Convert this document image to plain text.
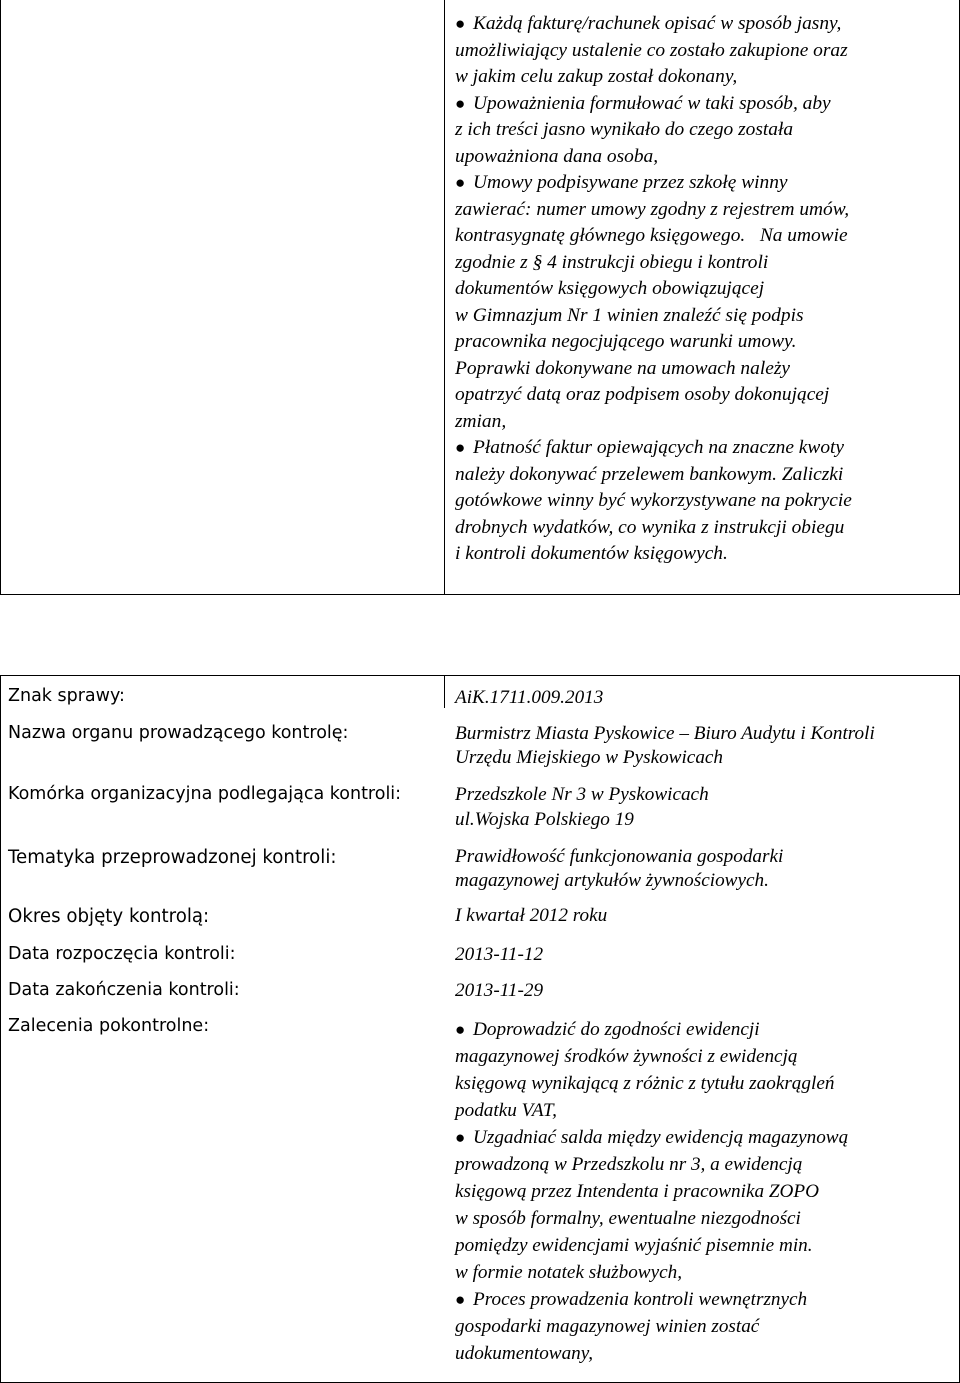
● Każdą fakturę/rachunek opisać w sposób jasny,
umożliwiający ustalenie co zostało zakupione oraz
w jakim celu zakup został dokonany,
● Upoważnienia formułować w taki sposób, aby
z ich treści jasno wynikało do czego została
upoważniona dana osoba,
● Umowy podpisywane przez szkołę winny
zawierać: numer umowy zgodny z rejestrem umów,
kontrasygnatę głównego księgowego.   Na umowie
zgodnie z § 4 instrukcji obiegu i kontroli
dokumentów księgowych obowiązującej
w Gimnazjum Nr 1 winien znaleźć się podpis
pracownika negocjującego warunki umowy.
Poprawki dokonywane na umowach należy
opatrzyć datą oraz podpisem osoby dokonującej
zmian,
● Płatność faktur opiewających na znaczne kwoty
należy dokonywać przelewem bankowym. Zaliczki
gotówkowe winny być wykorzystywane na pokrycie
drobnych wydatków, co wynika z instrukcji obiegu
i kontroli dokumentów księgowych.
Znak sprawy:	AiK.1711.009.2013
Nazwa organu prowadzącego kontrolę:	Burmistrz Miasta Pyskowice – Biuro Audytu i Kontroli
Urzędu Miejskiego w Pyskowicach
Komórka organizacyjna podlegająca kontroli:	Przedszkole Nr 3 w Pyskowicach
ul.Wojska Polskiego 19
Tematyka przeprowadzonej kontroli:	Prawidłowość funkcjonowania gospodarki
magazynowej artykułów żywnościowych.
Okres objęty kontrolą:	I kwartał 2012 roku
Data rozpoczęcia kontroli:	2013-11-12
Data zakończenia kontroli:	2013-11-29
Zalecenia pokontrolne:	● Doprowadzić do zgodności ewidencji
magazynowej środków żywności z ewidencją
księgową wynikającą z różnic z tytułu zaokrągleń
podatku VAT,
● Uzgadniać salda między ewidencją magazynową
prowadzoną w Przedszkolu nr 3, a ewidencją
księgową przez Intendenta i pracownika ZOPO
w sposób formalny, ewentualne niezgodności
pomiędzy ewidencjami wyjaśnić pisemnie min.
w formie notatek służbowych,
● Proces prowadzenia kontroli wewnętrznych
gospodarki magazynowej winien zostać
udokumentowany,
